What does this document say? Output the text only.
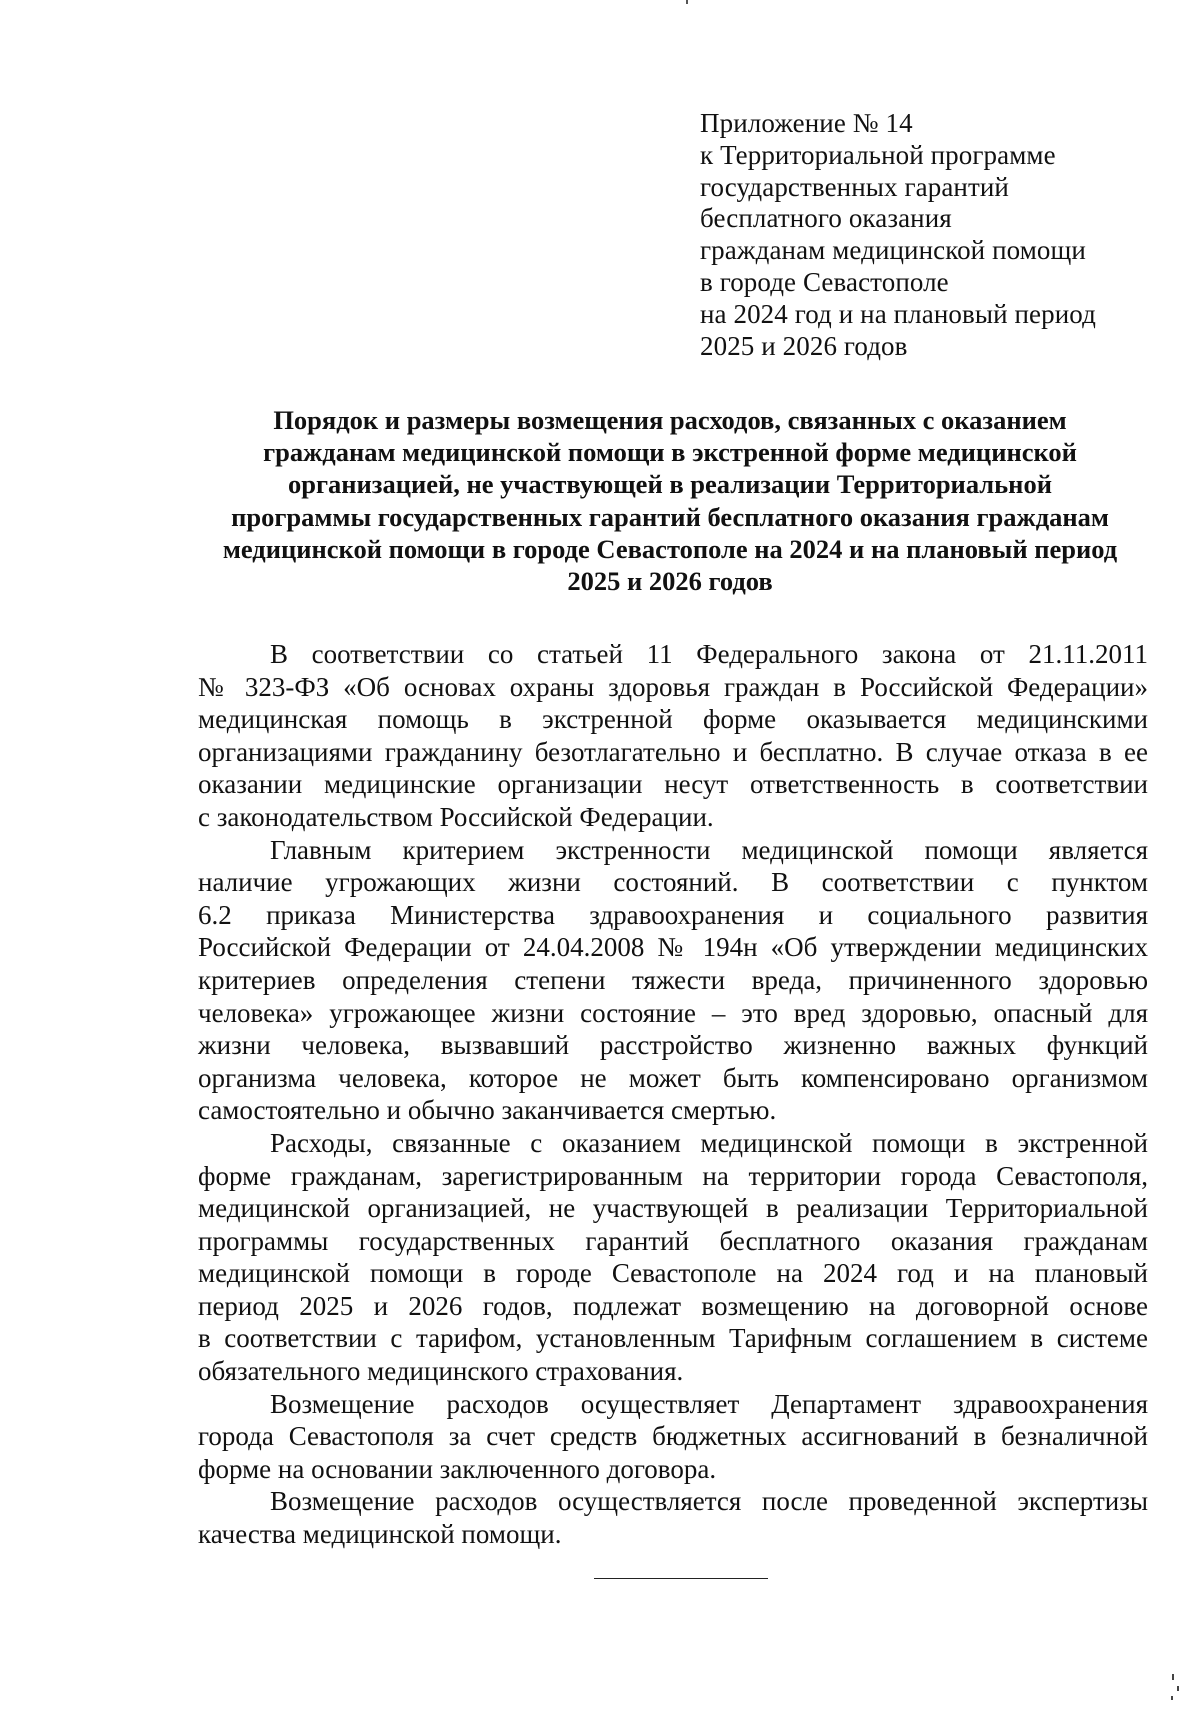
Приложение № 14
к Территориальной программе
государственных гарантий
бесплатного оказания
гражданам медицинской помощи
в городе Севастополе
на 2024 год и на плановый период
2025 и 2026 годов
Порядок и размеры возмещения расходов, связанных с оказанием
гражданам медицинской помощи в экстренной форме медицинской
организацией, не участвующей в реализации Территориальной
программы государственных гарантий бесплатного оказания гражданам
медицинской помощи в городе Севастополе на 2024 и на плановый период
2025 и 2026 годов
В соответствии со статьей 11 Федерального закона от 21.11.2011
№ 323-ФЗ «Об основах охраны здоровья граждан в Российской Федерации»
медицинская помощь в экстренной форме оказывается медицинскими
организациями гражданину безотлагательно и бесплатно. В случае отказа в ее
оказании медицинские организации несут ответственность в соответствии
с законодательством Российской Федерации.
Главным критерием экстренности медицинской помощи является
наличие угрожающих жизни состояний. В соответствии с пунктом
6.2 приказа Министерства здравоохранения и социального развития
Российской Федерации от 24.04.2008 № 194н «Об утверждении медицинских
критериев определения степени тяжести вреда, причиненного здоровью
человека» угрожающее жизни состояние – это вред здоровью, опасный для
жизни человека, вызвавший расстройство жизненно важных функций
организма человека, которое не может быть компенсировано организмом
самостоятельно и обычно заканчивается смертью.
Расходы, связанные с оказанием медицинской помощи в экстренной
форме гражданам, зарегистрированным на территории города Севастополя,
медицинской организацией, не участвующей в реализации Территориальной
программы государственных гарантий бесплатного оказания гражданам
медицинской помощи в городе Севастополе на 2024 год и на плановый
период 2025 и 2026 годов, подлежат возмещению на договорной основе
в соответствии с тарифом, установленным Тарифным соглашением в системе
обязательного медицинского страхования.
Возмещение расходов осуществляет Департамент здравоохранения
города Севастополя за счет средств бюджетных ассигнований в безналичной
форме на основании заключенного договора.
Возмещение расходов осуществляется после проведенной экспертизы
качества медицинской помощи.
